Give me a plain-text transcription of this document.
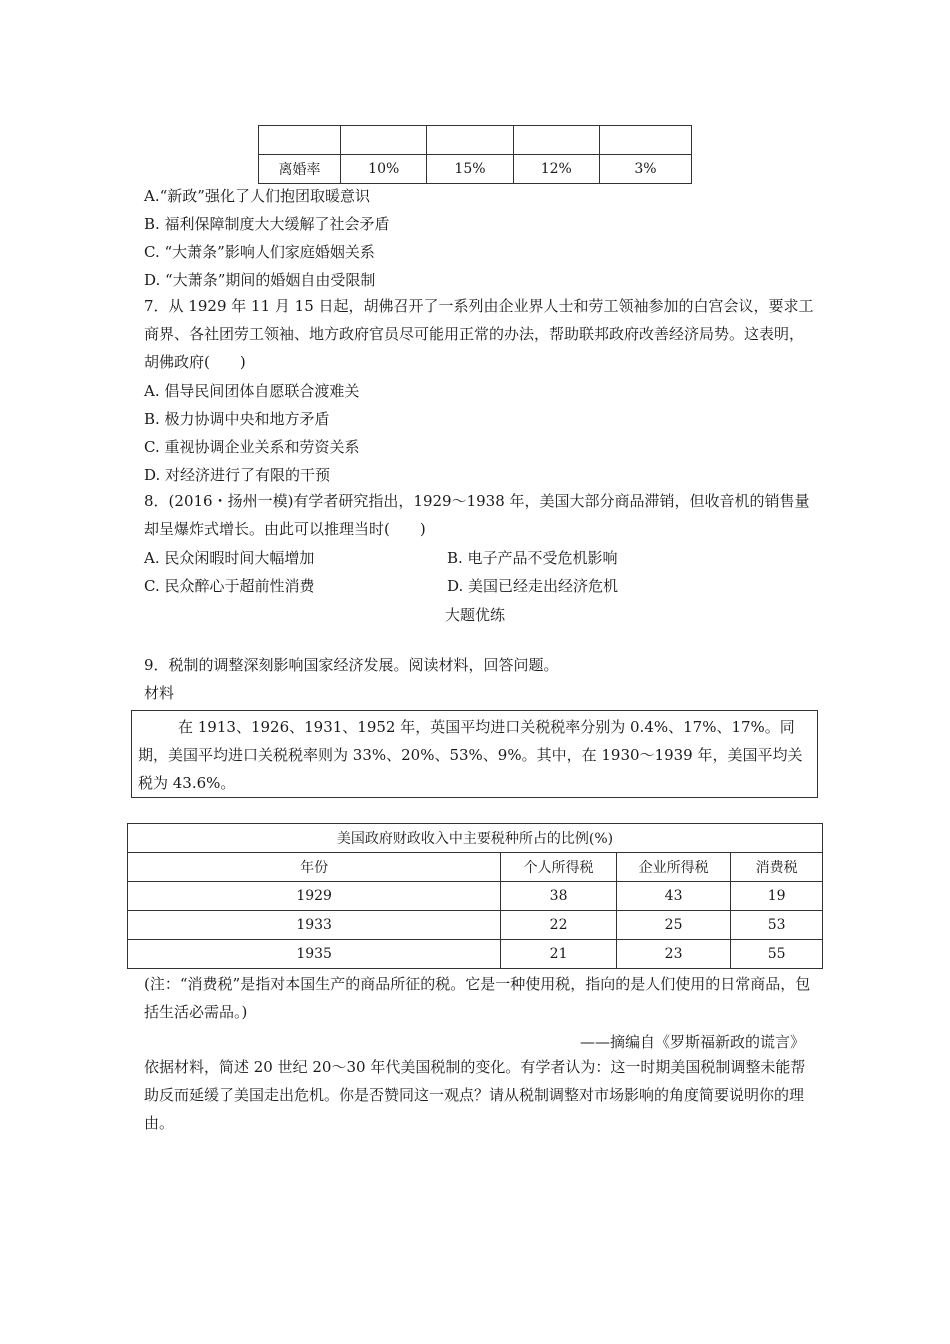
离婚率	10%	15%	12%	3%
A.“新政”强化了人们抱团取暖意识
B. 福利保障制度大大缓解了社会矛盾
C. “大萧条”影响人们家庭婚姻关系
D. “大萧条”期间的婚姻自由受限制
7．从 1929 年 11 月 15 日起，胡佛召开了一系列由企业界人士和劳工领袖参加的白宫会议，要求工商界、各社团劳工领袖、地方政府官员尽可能用正常的办法，帮助联邦政府改善经济局势。这表明，胡佛政府(　　)
A. 倡导民间团体自愿联合渡难关
B. 极力协调中央和地方矛盾
C. 重视协调企业关系和劳资关系
D. 对经济进行了有限的干预
8．(2016・扬州一模)有学者研究指出，1929～1938 年，美国大部分商品滞销，但收音机的销售量却呈爆炸式增长。由此可以推理当时(　　)
A. 民众闲暇时间大幅增加	B. 电子产品不受危机影响
C. 民众醉心于超前性消费	D. 美国已经走出经济危机
大题优练
9．税制的调整深刻影响国家经济发展。阅读材料，回答问题。
材料
在 1913、1926、1931、1952 年，英国平均进口关税税率分别为 0.4%、17%、17%。同期，美国平均进口关税税率则为 33%、20%、53%、9%。其中，在 1930～1939 年，美国平均关税为 43.6%。
美国政府财政收入中主要税种所占的比例(%)			
年份	个人所得税	企业所得税	消费税
1929	38	43	19
1933	22	25	53
1935	21	23	55
(注：“消费税”是指对本国生产的商品所征的税。它是一种使用税，指向的是人们使用的日常商品，包括生活必需品。)
——摘编自《罗斯福新政的谎言》
依据材料，简述 20 世纪 20～30 年代美国税制的变化。有学者认为：这一时期美国税制调整未能帮助反而延缓了美国走出危机。你是否赞同这一观点？请从税制调整对市场影响的角度简要说明你的理由。
